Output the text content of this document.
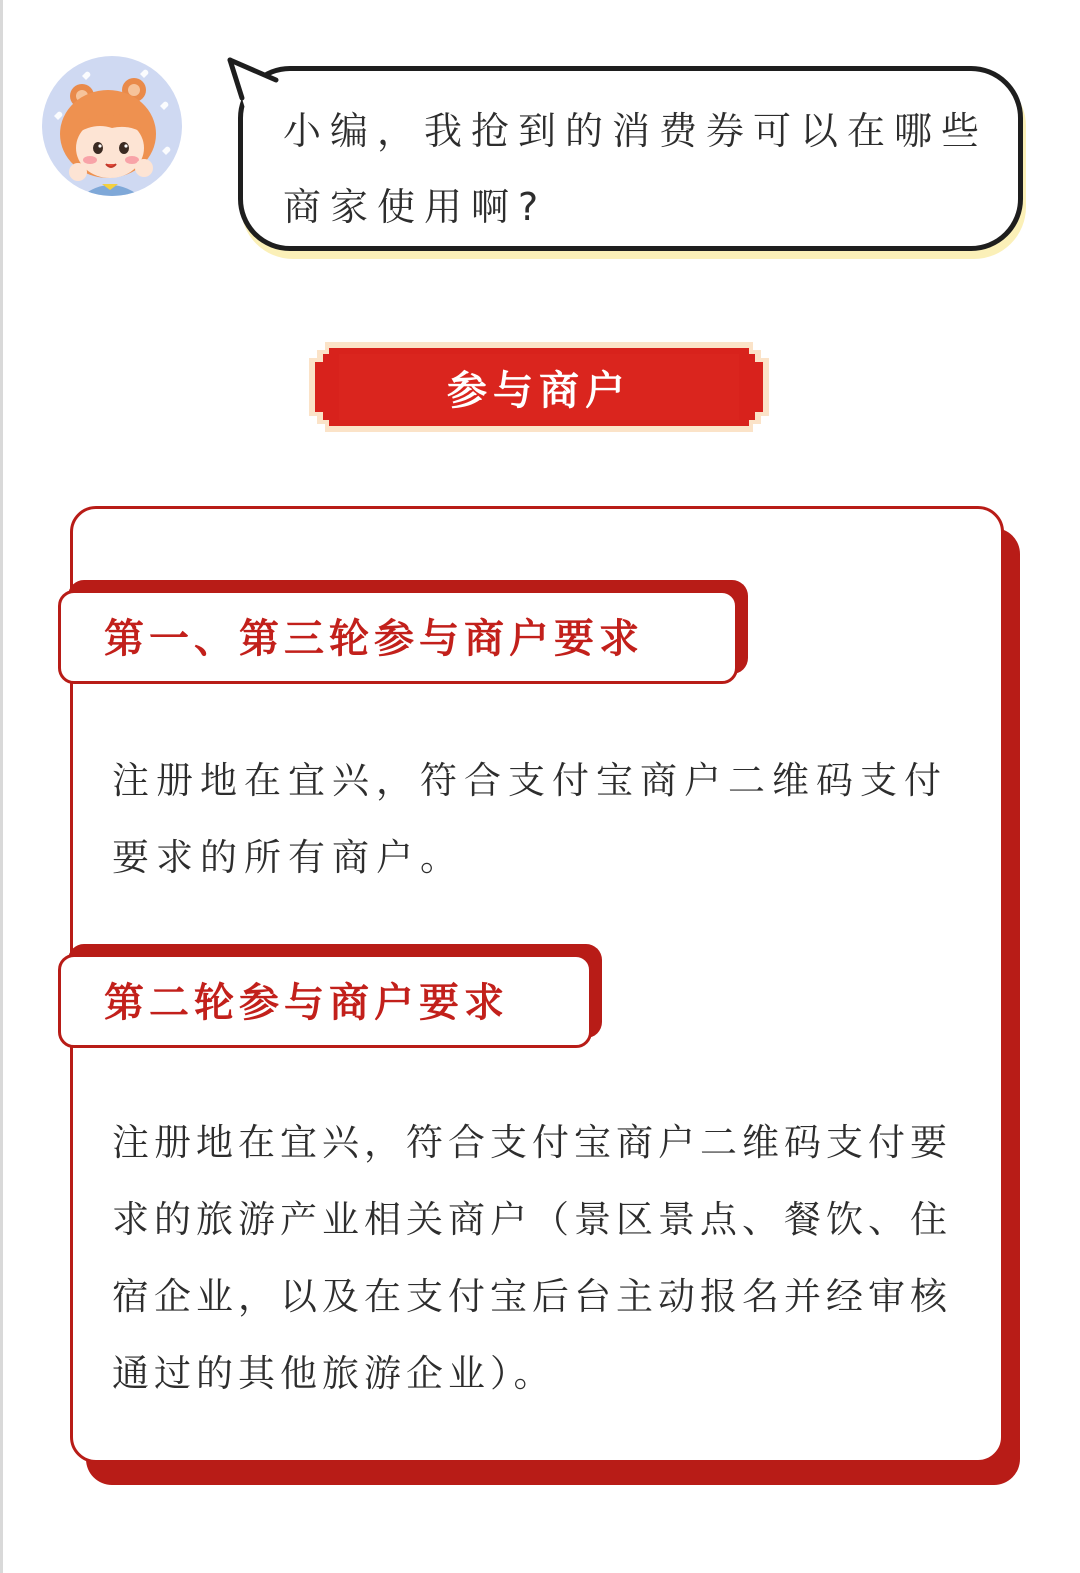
小编，我抢到的消费券可以在哪些商家使用啊?
参与商户
第一、第三轮参与商户要求
注册地在宜兴，符合支付宝商户二维码支付要求的所有商户。
第二轮参与商户要求
注册地在宜兴，符合支付宝商户二维码支付要求的旅游产业相关商户（景区景点、餐饮、住宿企业，以及在支付宝后台主动报名并经审核通过的其他旅游企业）。
